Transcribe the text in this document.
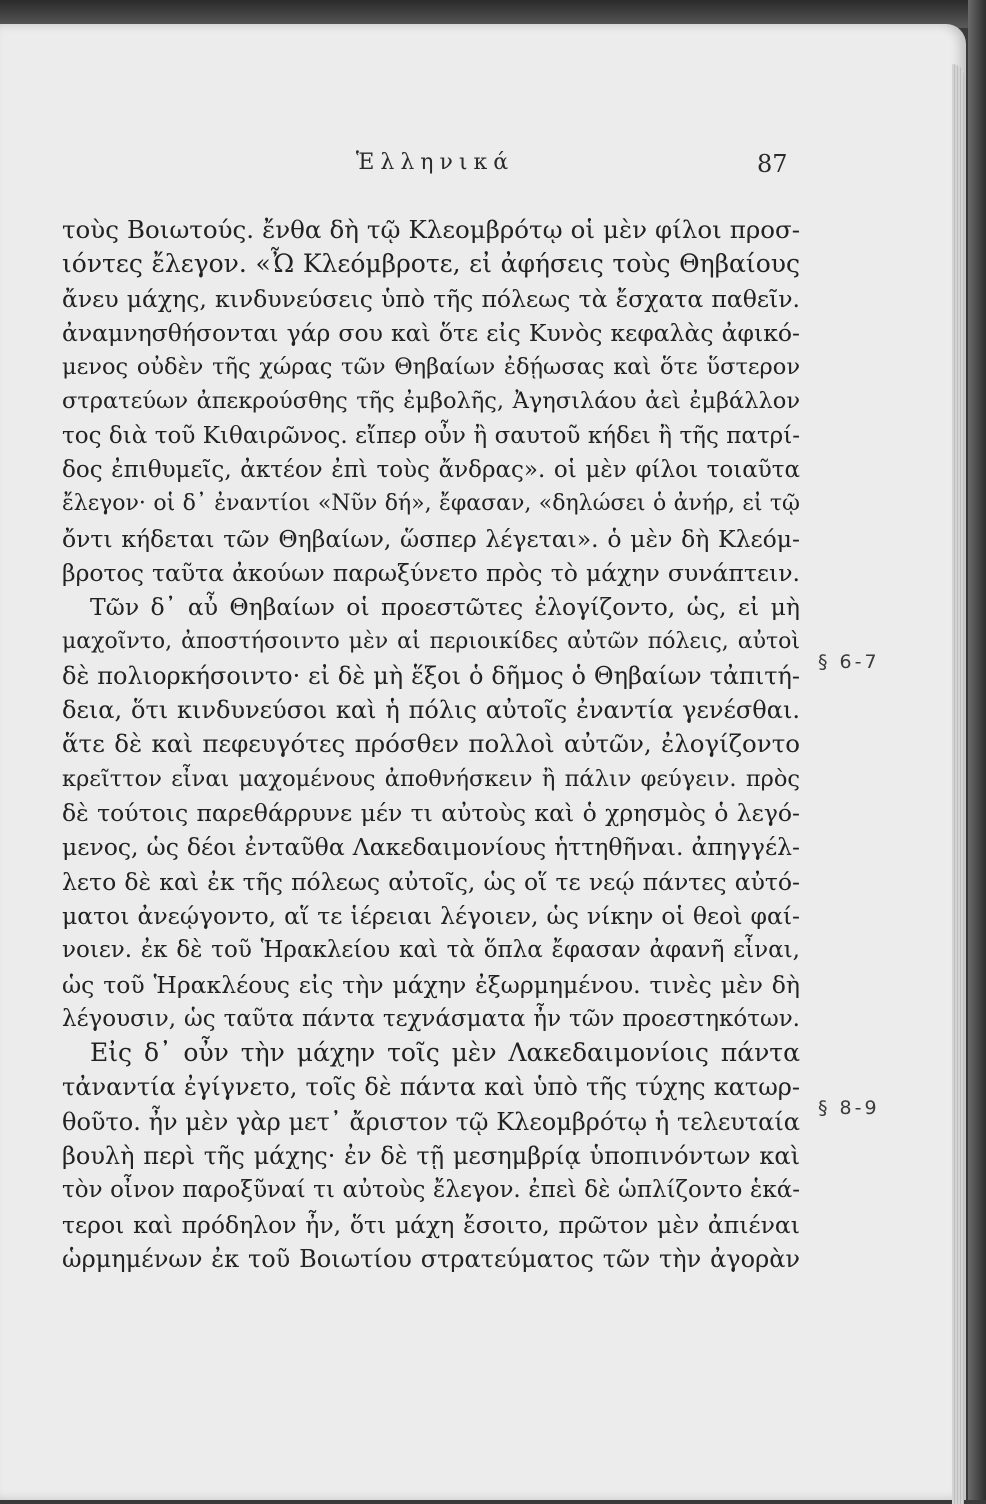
Ἑλληνικά	87
τοὺς Βοιωτούς. ἔνθα δὴ τῷ Κλεομβρότῳ οἱ μὲν φίλοι προσ-
ιόντες ἔλεγον. «Ὦ Κλεόμβροτε, εἰ ἀφήσεις τοὺς Θηβαίους
ἄνευ μάχης, κινδυνεύσεις ὑπὸ τῆς πόλεως τὰ ἔσχατα παθεῖν.
ἀναμνησθήσονται γάρ σου καὶ ὅτε εἰς Κυνὸς κεφαλὰς ἀφικό-
μενος οὐδὲν τῆς χώρας τῶν Θηβαίων ἐδῄωσας καὶ ὅτε ὕστερον
στρατεύων ἀπεκρούσθης τῆς ἐμβολῆς, Ἀγησιλάου ἀεὶ ἐμβάλλον
τος διὰ τοῦ Κιθαιρῶνος. εἴπερ οὖν ἢ σαυτοῦ κήδει ἢ τῆς πατρί-
δος ἐπιθυμεῖς, ἀκτέον ἐπὶ τοὺς ἄνδρας». οἱ μὲν φίλοι τοιαῦτα
ἔλεγον· οἱ δ᾽ ἐναντίοι «Νῦν δή», ἔφασαν, «δηλώσει ὁ ἀνήρ, εἰ τῷ
ὄντι κήδεται τῶν Θηβαίων, ὥσπερ λέγεται». ὁ μὲν δὴ Κλεόμ-
βροτος ταῦτα ἀκούων παρωξύνετο πρὸς τὸ μάχην συνάπτειν.
Τῶν δ᾽ αὖ Θηβαίων οἱ προεστῶτες ἐλογίζοντο, ὡς, εἰ μὴ
μαχοῖντο, ἀποστήσοιντο μὲν αἱ περιοικίδες αὐτῶν πόλεις, αὐτοὶ
δὲ πολιορκήσοιντο· εἰ δὲ μὴ ἕξοι ὁ δῆμος ὁ Θηβαίων τἀπιτή-
δεια, ὅτι κινδυνεύσοι καὶ ἡ πόλις αὐτοῖς ἐναντία γενέσθαι.
ἅτε δὲ καὶ πεφευγότες πρόσθεν πολλοὶ αὐτῶν, ἐλογίζοντο
κρεῖττον εἶναι μαχομένους ἀποθνήσκειν ἢ πάλιν φεύγειν. πρὸς
δὲ τούτοις παρεθάρρυνε μέν τι αὐτοὺς καὶ ὁ χρησμὸς ὁ λεγό-
μενος, ὡς δέοι ἐνταῦθα Λακεδαιμονίους ἡττηθῆναι. ἀπηγγέλ-
λετο δὲ καὶ ἐκ τῆς πόλεως αὐτοῖς, ὡς οἵ τε νεῴ πάντες αὐτό-
ματοι ἀνεῴγοντο, αἵ τε ἱέρειαι λέγοιεν, ὡς νίκην οἱ θεοὶ φαί-
νοιεν. ἐκ δὲ τοῦ Ἡρακλείου καὶ τὰ ὅπλα ἔφασαν ἀφανῆ εἶναι,
ὡς τοῦ Ἡρακλέους εἰς τὴν μάχην ἐξωρμημένου. τινὲς μὲν δὴ
λέγουσιν, ὡς ταῦτα πάντα τεχνάσματα ἦν τῶν προεστηκότων.
Εἰς δ᾽ οὖν τὴν μάχην τοῖς μὲν Λακεδαιμονίοις πάντα
τἀναντία ἐγίγνετο, τοῖς δὲ πάντα καὶ ὑπὸ τῆς τύχης κατωρ-
θοῦτο. ἦν μὲν γὰρ μετ᾽ ἄριστον τῷ Κλεομβρότῳ ἡ τελευταία
βουλὴ περὶ τῆς μάχης· ἐν δὲ τῇ μεσημβρίᾳ ὑποπινόντων καὶ
τὸν οἶνον παροξῦναί τι αὐτοὺς ἔλεγον. ἐπεὶ δὲ ὡπλίζοντο ἑκά-
τεροι καὶ πρόδηλον ἦν, ὅτι μάχη ἔσοιτο, πρῶτον μὲν ἀπιέναι
ὡρμημένων ἐκ τοῦ Βοιωτίου στρατεύματος τῶν τὴν ἀγορὰν
§ 6-7
§ 8-9
